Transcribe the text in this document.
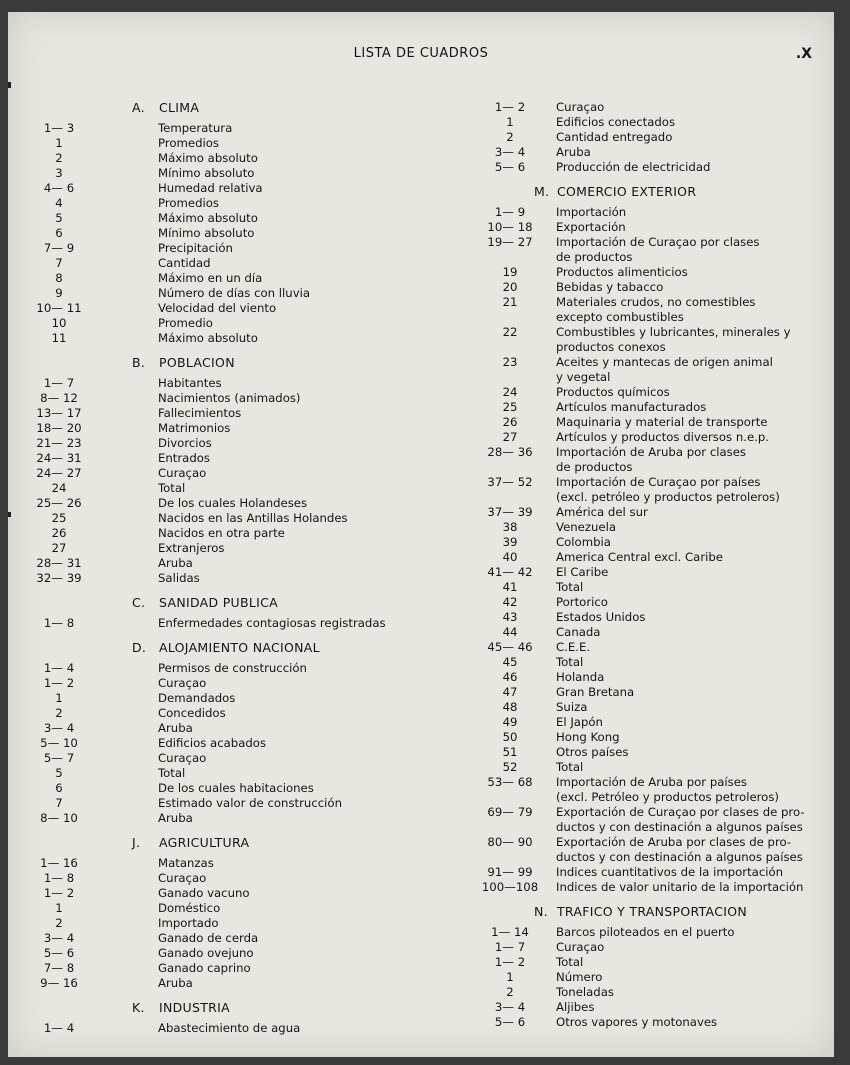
LISTA DE CUADROS	.X
A. CLIMA
1— 3	Temperatura
1	Promedios
2	Máximo absoluto
3	Mínimo absoluto
4— 6	Humedad relativa
4	Promedios
5	Máximo absoluto
6	Mínimo absoluto
7— 9	Precipitación
7	Cantidad
8	Máximo en un día
9	Número de días con lluvia
10— 11	Velocidad del viento
10	Promedio
11	Máximo absoluto
B. POBLACION
1— 7	Habitantes
8— 12	Nacimientos (animados)
13— 17	Fallecimientos
18— 20	Matrimonios
21— 23	Divorcios
24— 31	Entrados
24— 27	Curaçao
24	Total
25— 26	De los cuales Holandeses
25	Nacidos en las Antillas Holandes
26	Nacidos en otra parte
27	Extranjeros
28— 31	Aruba
32— 39	Salidas
C. SANIDAD PUBLICA
1— 8	Enfermedades contagiosas registradas
D. ALOJAMIENTO NACIONAL
1— 4	Permisos de construcción
1— 2	Curaçao
1	Demandados
2	Concedidos
3— 4	Aruba
5— 10	Edificios acabados
5— 7	Curaçao
5	Total
6	De los cuales habitaciones
7	Estimado valor de construcción
8— 10	Aruba
J. AGRICULTURA
1— 16	Matanzas
1— 8	Curaçao
1— 2	Ganado vacuno
1	Doméstico
2	Importado
3— 4	Ganado de cerda
5— 6	Ganado ovejuno
7— 8	Ganado caprino
9— 16	Aruba
K. INDUSTRIA
1— 4	Abastecimiento de agua
1— 2	Curaçao
1	Edificios conectados
2	Cantidad entregado
3— 4	Aruba
5— 6	Producción de electricidad
M. COMERCIO EXTERIOR
1— 9	Importación
10— 18	Exportación
19— 27	Importación de Curaçao por clases
de productos
19	Productos alimenticios
20	Bebidas y tabacco
21	Materiales crudos, no comestibles
excepto combustibles
22	Combustibles y lubricantes, minerales y
productos conexos
23	Aceites y mantecas de origen animal
y vegetal
24	Productos químicos
25	Artículos manufacturados
26	Maquinaria y material de transporte
27	Artículos y productos diversos n.e.p.
28— 36	Importación de Aruba por clases
de productos
37— 52	Importación de Curaçao por países
(excl. petróleo y productos petroleros)
37— 39	América del sur
38	Venezuela
39	Colombia
40	America Central excl. Caribe
41— 42	El Caribe
41	Total
42	Portorico
43	Estados Unidos
44	Canada
45— 46	C.E.E.
45	Total
46	Holanda
47	Gran Bretana
48	Suiza
49	El Japón
50	Hong Kong
51	Otros países
52	Total
53— 68	Importación de Aruba por países
(excl. Petróleo y productos petroleros)
69— 79	Exportación de Curaçao por clases de pro-
ductos y con destinación a algunos países
80— 90	Exportación de Aruba por clases de pro-
ductos y con destinación a algunos países
91— 99	Indices cuantitativos de la importación
100—108	Indices de valor unitario de la importación
N. TRAFICO Y TRANSPORTACION
1— 14	Barcos piloteados en el puerto
1— 7	Curaçao
1— 2	Total
1	Número
2	Toneladas
3— 4	Aljibes
5— 6	Otros vapores y motonaves
